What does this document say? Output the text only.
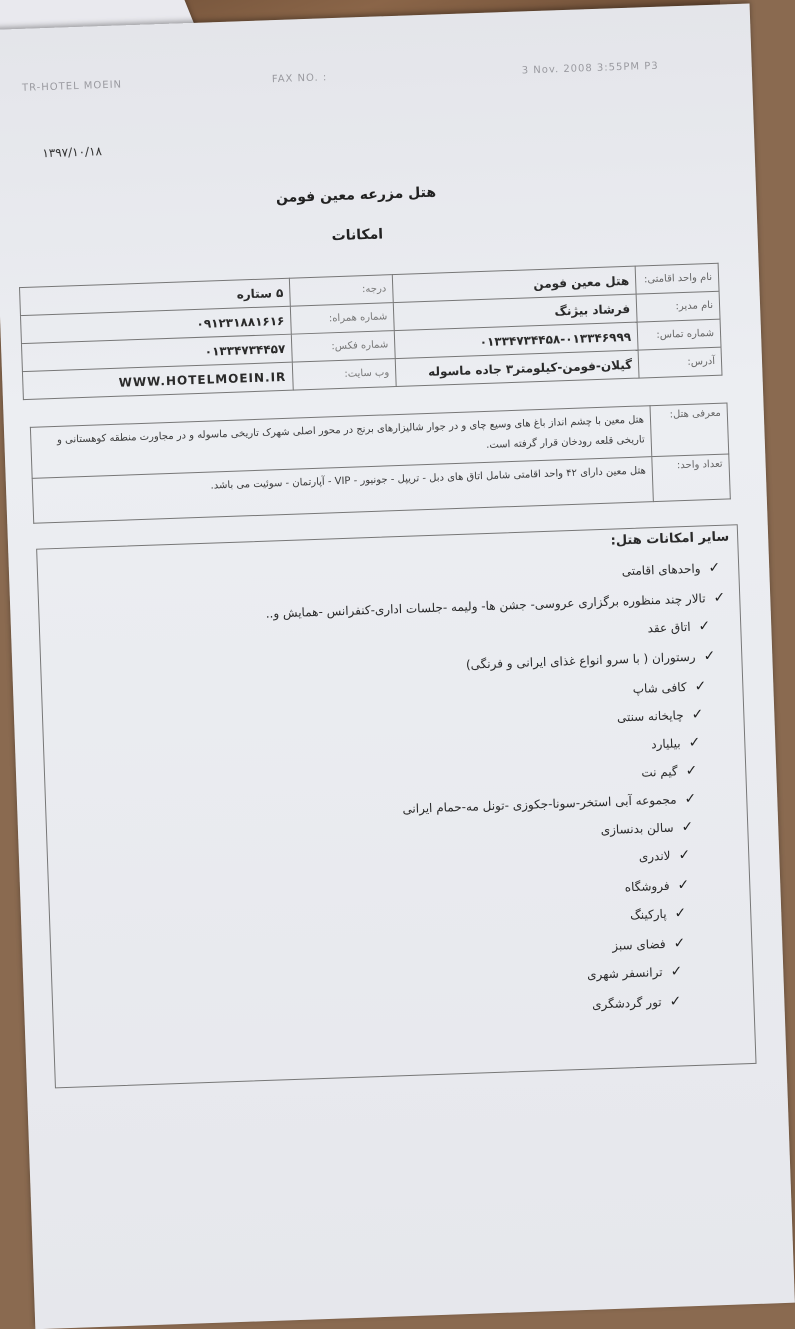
TR-HOTEL MOEIN
FAX NO. :
3 Nov. 2008 3:55PM P3
۱۳۹۷/۱۰/۱۸
هتل مزرعه معین فومن
امکانات
نام واحد اقامتی:	هتل معین فومن	درجه:	۵ ستاره
نام مدیر:	فرشاد بیژنگ	شماره همراه:	۰۹۱۲۳۱۸۸۱۶۱۶
شماره تماس:	۰۱۳۳۴۷۳۴۴۵۸-۰۱۳۳۴۶۹۹۹	شماره فکس:	۰۱۳۳۴۷۳۴۴۵۷
آدرس:	گیلان-فومن-کیلومتر۳ جاده ماسوله	وب سایت:	WWW.HOTELMOEIN.IR
معرفی هتل:	هتل معین با چشم انداز باغ های وسیع چای و در جوار شالیزارهای برنج در محور اصلی شهرک تاریخی ماسوله و در مجاورت منطقه کوهستانی و تاریخی قلعه رودخان قرار گرفته است.
تعداد واحد:	هتل معین دارای ۴۲ واحد اقامتی شامل اتاق های دبل - تریپل - جونیور - VIP - آپارتمان - سوئیت می باشد.
سایر امکانات هتل:
✓واحدهای اقامتی
✓تالار چند منظوره برگزاری عروسی- جشن ها- ولیمه -جلسات اداری-کنفرانس -همایش و..
✓اتاق عقد
✓رستوران ( با سرو انواع غذای ایرانی و فرنگی)
✓کافی شاپ
✓چایخانه سنتی
✓بیلیارد
✓گیم نت
✓مجموعه آبی استخر-سونا-جکوزی -تونل مه-حمام ایرانی
✓سالن بدنسازی
✓لاندری
✓فروشگاه
✓پارکینگ
✓فضای سبز
✓ترانسفر شهری
✓تور گردشگری
